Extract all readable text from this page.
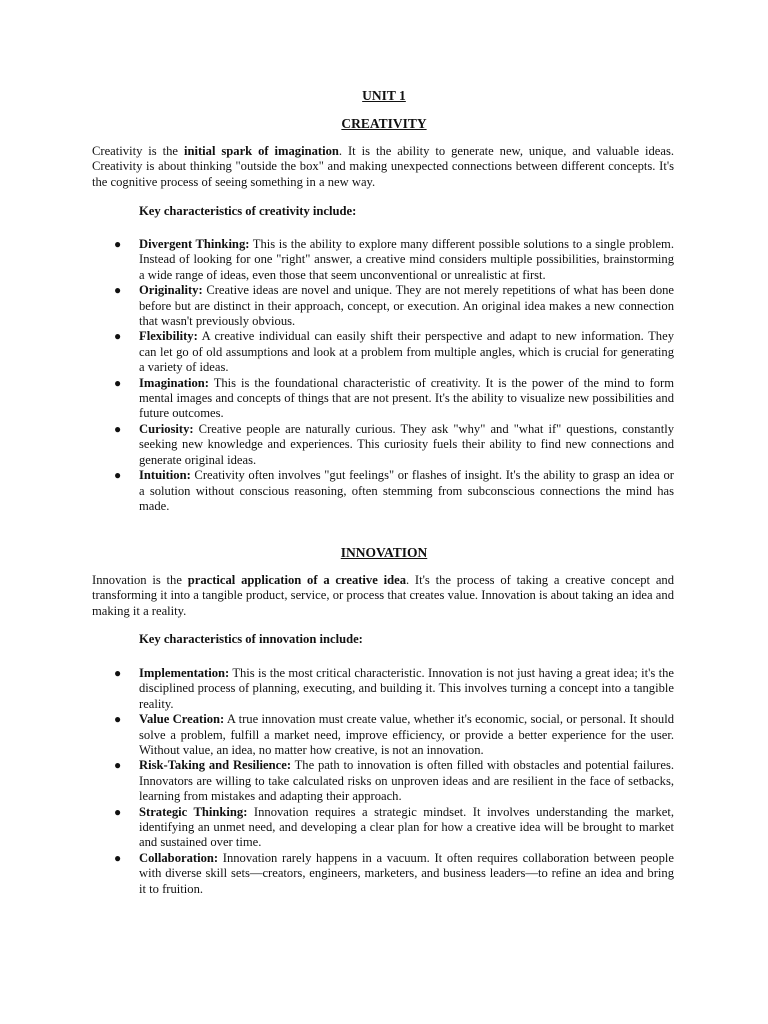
UNIT 1
CREATIVITY

Creativity is the initial spark of imagination. It is the ability to generate new, unique, and valuable ideas. Creativity is about thinking "outside the box" and making unexpected connections between different concepts. It's the cognitive process of seeing something in a new way.

Key characteristics of creativity include:

● Divergent Thinking: This is the ability to explore many different possible solutions to a single problem. Instead of looking for one "right" answer, a creative mind considers multiple possibilities, brainstorming a wide range of ideas, even those that seem unconventional or unrealistic at first.
● Originality: Creative ideas are novel and unique. They are not merely repetitions of what has been done before but are distinct in their approach, concept, or execution. An original idea makes a new connection that wasn't previously obvious.
● Flexibility: A creative individual can easily shift their perspective and adapt to new information. They can let go of old assumptions and look at a problem from multiple angles, which is crucial for generating a variety of ideas.
● Imagination: This is the foundational characteristic of creativity. It is the power of the mind to form mental images and concepts of things that are not present. It's the ability to visualize new possibilities and future outcomes.
● Curiosity: Creative people are naturally curious. They ask "why" and "what if" questions, constantly seeking new knowledge and experiences. This curiosity fuels their ability to find new connections and generate original ideas.
● Intuition: Creativity often involves "gut feelings" or flashes of insight. It's the ability to grasp an idea or a solution without conscious reasoning, often stemming from subconscious connections the mind has made.
INNOVATION

Innovation is the practical application of a creative idea. It's the process of taking a creative concept and transforming it into a tangible product, service, or process that creates value. Innovation is about taking an idea and making it a reality.

Key characteristics of innovation include:

● Implementation: This is the most critical characteristic. Innovation is not just having a great idea; it's the disciplined process of planning, executing, and building it. This involves turning a concept into a tangible reality.
● Value Creation: A true innovation must create value, whether it's economic, social, or personal. It should solve a problem, fulfill a market need, improve efficiency, or provide a better experience for the user. Without value, an idea, no matter how creative, is not an innovation.
● Risk-Taking and Resilience: The path to innovation is often filled with obstacles and potential failures. Innovators are willing to take calculated risks on unproven ideas and are resilient in the face of setbacks, learning from mistakes and adapting their approach.
● Strategic Thinking: Innovation requires a strategic mindset. It involves understanding the market, identifying an unmet need, and developing a clear plan for how a creative idea will be brought to market and sustained over time.
● Collaboration: Innovation rarely happens in a vacuum. It often requires collaboration between people with diverse skill sets—creators, engineers, marketers, and business leaders—to refine an idea and bring it to fruition.
